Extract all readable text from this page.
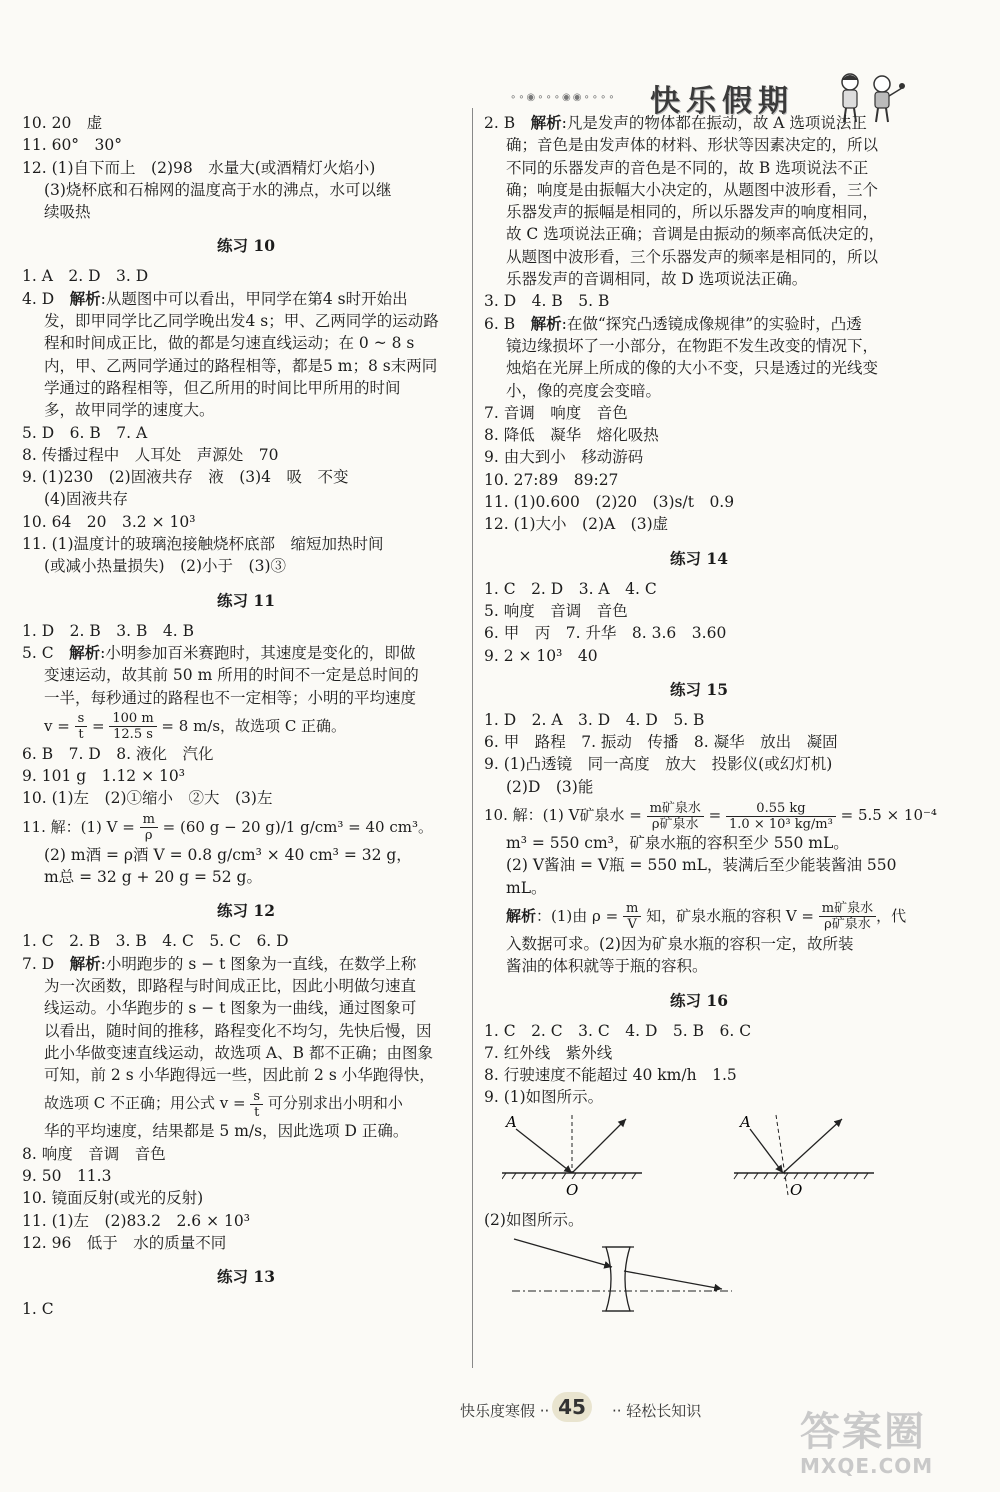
∘∘◉∘∘∘◉◉∘∘∘∘ 快乐假期
10. 20　虚
11. 60°　30°
12. (1)自下而上　(2)98　水量大(或酒精灯火焰小)
(3)烧杯底和石棉网的温度高于水的沸点，水可以继
续吸热
练习 10
1. A　2. D　3. D
4. D　解析:从题图中可以看出，甲同学在第4 s时开始出
发，即甲同学比乙同学晚出发4 s；甲、乙两同学的运动路
程和时间成正比，做的都是匀速直线运动；在 0 ~ 8 s
内，甲、乙两同学通过的路程相等，都是5 m；8 s末两同
学通过的路程相等，但乙所用的时间比甲所用的时间
多，故甲同学的速度大。
5. D　6. B　7. A
8. 传播过程中　人耳处　声源处　70
9. (1)230　(2)固液共存　液　(3)4　吸　不变
(4)固液共存
10. 64　20　3.2 × 10³
11. (1)温度计的玻璃泡接触烧杯底部　缩短加热时间
(或减小热量损失)　(2)小于　(3)③
练习 11
1. D　2. B　3. B　4. B
5. C　解析:小明参加百米赛跑时，其速度是变化的，即做
变速运动，故其前 50 m 所用的时间不一定是总时间的
一半，每秒通过的路程也不一定相等；小明的平均速度
$v = \frac{s}{t} = \frac{100 m}{12.5 s} = 8$ m/s，故选项 C 正确。
6. B　7. D　8. 液化　汽化
9. 101 g　1.12 × 10³
10. (1)左　(2)①缩小　②大　(3)左
11. 解：(1) $V = \frac{m}{\rho} = (60$ g − 20 g)/1 g/cm³ = 40 cm³。
(2) m酒 = ρ酒 V = 0.8 g/cm³ × 40 cm³ = 32 g，
m总 = 32 g + 20 g = 52 g。
练习 12
1. C　2. B　3. B　4. C　5. C　6. D
7. D　解析:小明跑步的 s − t 图象为一直线，在数学上称
为一次函数，即路程与时间成正比，因此小明做匀速直
线运动。小华跑步的 s − t 图象为一曲线，通过图象可
以看出，随时间的推移，路程变化不均匀，先快后慢，因
此小华做变速直线运动，故选项 A、B 都不正确；由图象
可知，前 2 s 小华跑得远一些，因此前 2 s 小华跑得快，
故选项 C 不正确；用公式 $v = \frac{s}{t}$ 可分别求出小明和小
华的平均速度，结果都是 5 m/s，因此选项 D 正确。
8. 响度　音调　音色
9. 50　11.3
10. 镜面反射(或光的反射)
11. (1)左　(2)83.2　2.6 × 10³
12. 96　低于　水的质量不同
练习 13
1. C
2. B　解析:凡是发声的物体都在振动，故 A 选项说法正
确；音色是由发声体的材料、形状等因素决定的，所以
不同的乐器发声的音色是不同的，故 B 选项说法不正
确；响度是由振幅大小决定的，从题图中波形看，三个
乐器发声的振幅是相同的，所以乐器发声的响度相同，
故 C 选项说法正确；音调是由振动的频率高低决定的，
从题图中波形看，三个乐器发声的频率是相同的，所以
乐器发声的音调相同，故 D 选项说法正确。
3. D　4. B　5. B
6. B　解析:在做“探究凸透镜成像规律”的实验时，凸透
镜边缘损坏了一小部分，在物距不发生改变的情况下，
烛焰在光屏上所成的像的大小不变，只是透过的光线变
小，像的亮度会变暗。
7. 音调　响度　音色
8. 降低　凝华　熔化吸热
9. 由大到小　移动游码
10. 27:89　89:27
11. (1)0.600　(2)20　(3)s/t　0.9
12. (1)大小　(2)A　(3)虚
练习 14
1. C　2. D　3. A　4. C
5. 响度　音调　音色
6. 甲　丙　7. 升华　8. 3.6　3.60
9. 2 × 10³　40
练习 15
1. D　2. A　3. D　4. D　5. B
6. 甲　路程　7. 振动　传播　8. 凝华　放出　凝固
9. (1)凸透镜　同一高度　放大　投影仪(或幻灯机)
(2)D　(3)能
10. 解：(1) V矿泉水 = $\frac{\text{m矿泉水}}{\text{ρ矿泉水}} = \frac{0.55 kg}{\text{1.0 × 10³ kg/m³}} = 5.5 \times 10^{-4}$
m³ = 550 cm³，矿泉水瓶的容积至少 550 mL。
(2) V酱油 = V瓶 = 550 mL，装满后至少能装酱油 550
mL。
解析：(1)由 $\rho = \frac{m}{V}$ 知，矿泉水瓶的容积 $V = \frac{\text{m矿泉水}}{\text{ρ矿泉水}}$ ，代
入数据可求。(2)因为矿泉水瓶的容积一定，故所装
酱油的体积就等于瓶的容积。
练习 16
1. C　2. C　3. C　4. D　5. B　6. C
7. 红外线　紫外线
8. 行驶速度不能超过 40 km/h　1.5
9. (1)如图所示。
A
O
A
O
(2)如图所示。
快乐度寒假 ·· 45	·· 轻松长知识 答案圈
MXQE.COM
